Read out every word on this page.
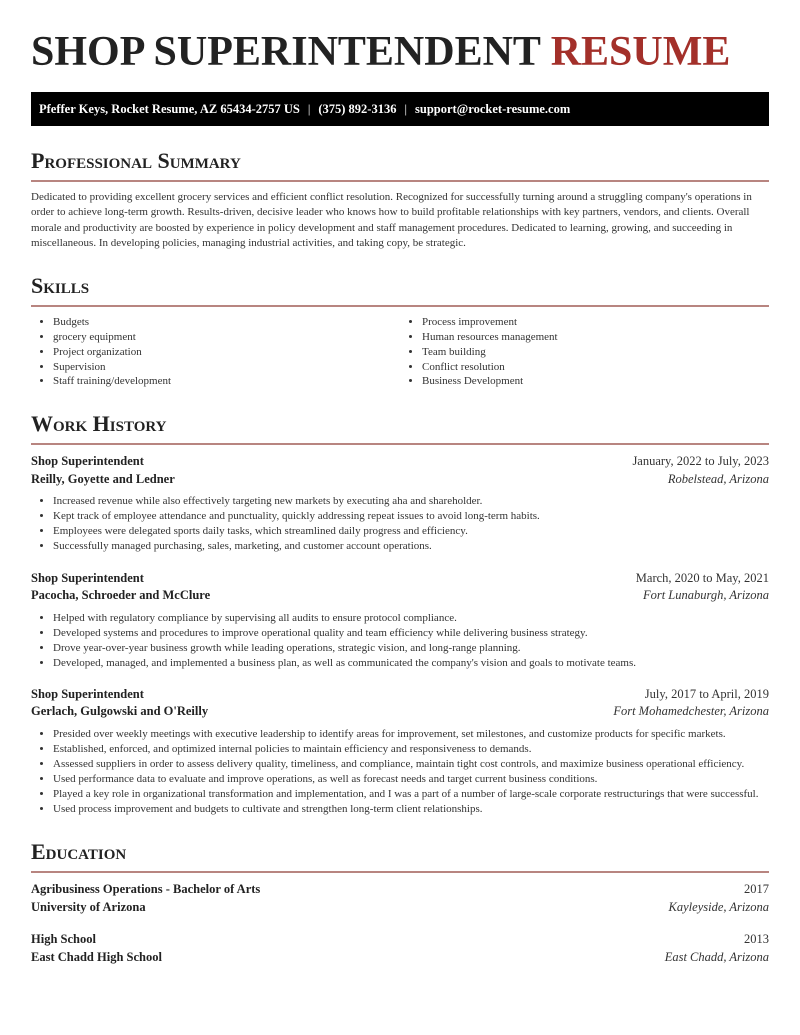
SHOP SUPERINTENDENT RESUME
Pfeffer Keys, Rocket Resume, AZ 65434-2757 US | (375) 892-3136 | support@rocket-resume.com
Professional Summary

Dedicated to providing excellent grocery services and efficient conflict resolution. Recognized for successfully turning around a struggling company's operations in order to achieve long-term growth. Results-driven, decisive leader who knows how to build profitable relationships with key partners, vendors, and clients. Overall morale and productivity are boosted by experience in policy development and staff management procedures. Dedicated to learning, growing, and succeeding in miscellaneous. In developing policies, managing industrial activities, and taking copy, be strategic.

Skills
• Budgets
• grocery equipment
• Project organization
• Supervision
• Staff training/development
• Process improvement
• Human resources management
• Team building
• Conflict resolution
• Business Development
Work History
Shop Superintendent	January, 2022 to July, 2023
Reilly, Goyette and Ledner	Robelstead, Arizona
• Increased revenue while also effectively targeting new markets by executing aha and shareholder.
• Kept track of employee attendance and punctuality, quickly addressing repeat issues to avoid long-term habits.
• Employees were delegated sports daily tasks, which streamlined daily progress and efficiency.
• Successfully managed purchasing, sales, marketing, and customer account operations.
Shop Superintendent	March, 2020 to May, 2021
Pacocha, Schroeder and McClure	Fort Lunaburgh, Arizona
• Helped with regulatory compliance by supervising all audits to ensure protocol compliance.
• Developed systems and procedures to improve operational quality and team efficiency while delivering business strategy.
• Drove year-over-year business growth while leading operations, strategic vision, and long-range planning.
• Developed, managed, and implemented a business plan, as well as communicated the company's vision and goals to motivate teams.
Shop Superintendent	July, 2017 to April, 2019
Gerlach, Gulgowski and O'Reilly	Fort Mohamedchester, Arizona
• Presided over weekly meetings with executive leadership to identify areas for improvement, set milestones, and customize products for specific markets.
• Established, enforced, and optimized internal policies to maintain efficiency and responsiveness to demands.
• Assessed suppliers in order to assess delivery quality, timeliness, and compliance, maintain tight cost controls, and maximize business operational efficiency.
• Used performance data to evaluate and improve operations, as well as forecast needs and target current business conditions.
• Played a key role in organizational transformation and implementation, and I was a part of a number of large-scale corporate restructurings that were successful.
• Used process improvement and budgets to cultivate and strengthen long-term client relationships.
Education
Agribusiness Operations - Bachelor of Arts	2017
University of Arizona	Kayleyside, Arizona
High School	2013
East Chadd High School	East Chadd, Arizona
